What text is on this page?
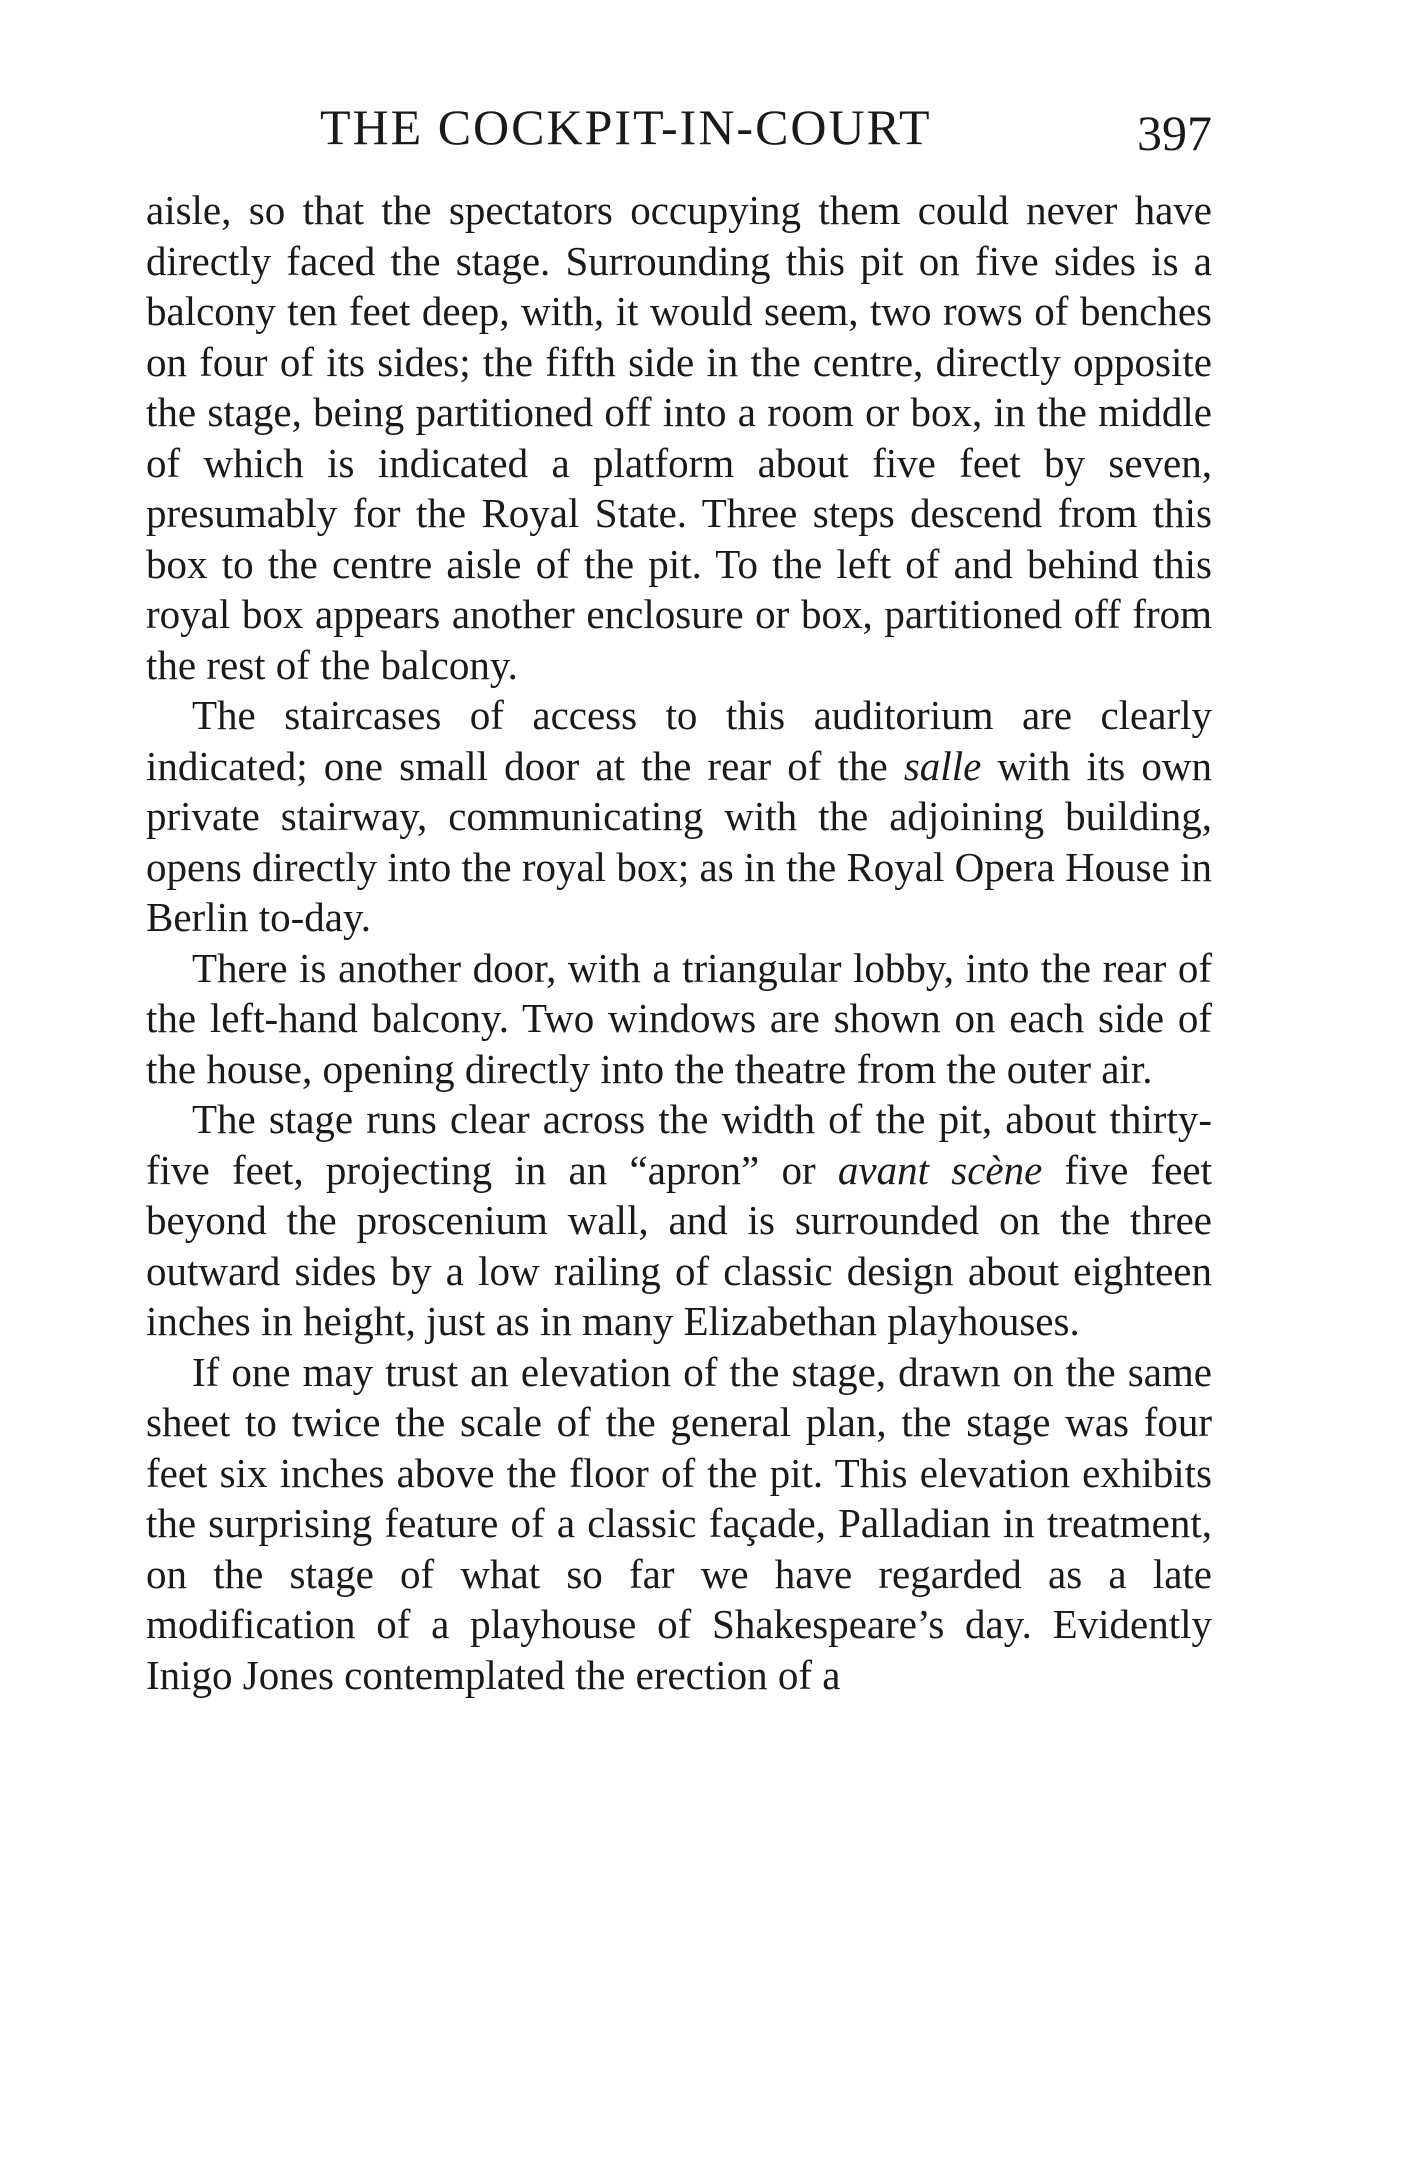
THE COCKPIT-IN-COURT	397

aisle, so that the spectators occupying them could never have directly faced the stage. Surrounding this pit on five sides is a balcony ten feet deep, with, it would seem, two rows of benches on four of its sides; the fifth side in the centre, directly opposite the stage, being partitioned off into a room or box, in the middle of which is indicated a platform about five feet by seven, presumably for the Royal State. Three steps descend from this box to the centre aisle of the pit. To the left of and behind this royal box appears another enclosure or box, partitioned off from the rest of the balcony.

The staircases of access to this auditorium are clearly indicated; one small door at the rear of the salle with its own private stairway, communicating with the adjoining building, opens directly into the royal box; as in the Royal Opera House in Berlin to-day.

There is another door, with a triangular lobby, into the rear of the left-hand balcony. Two windows are shown on each side of the house, opening directly into the theatre from the outer air.

The stage runs clear across the width of the pit, about thirty-five feet, projecting in an “apron” or avant scène five feet beyond the proscenium wall, and is surrounded on the three outward sides by a low railing of classic design about eighteen inches in height, just as in many Elizabethan playhouses.

If one may trust an elevation of the stage, drawn on the same sheet to twice the scale of the general plan, the stage was four feet six inches above the floor of the pit. This elevation exhibits the surprising feature of a classic façade, Palladian in treatment, on the stage of what so far we have regarded as a late modification of a playhouse of Shakespeare’s day. Evidently Inigo Jones contemplated the erection of a
